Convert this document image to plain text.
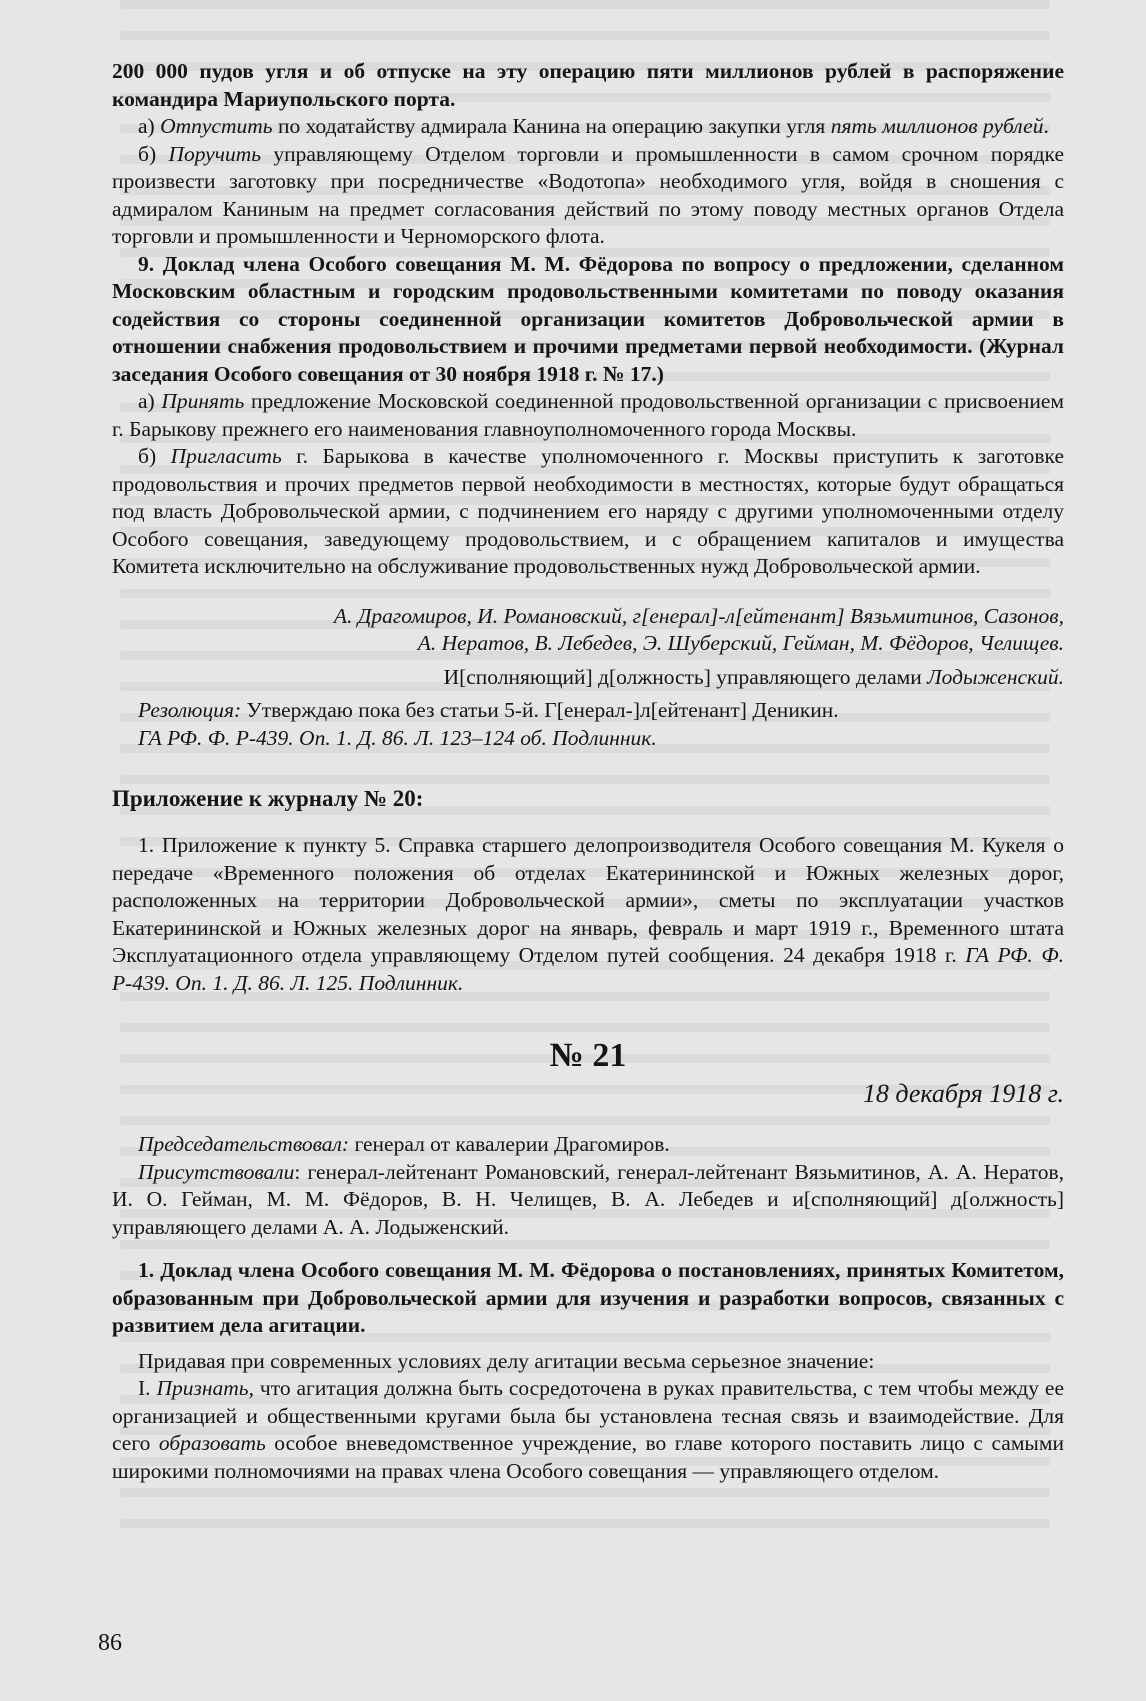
200 000 пудов угля и об отпуске на эту операцию пяти миллионов рублей в распоряжение командира Мариупольского порта.

а) Отпустить по ходатайству адмирала Канина на операцию закупки угля пять миллионов рублей.

б) Поручить управляющему Отделом торговли и промышленности в самом срочном порядке произвести заготовку при посредничестве «Водотопа» необходимого угля, войдя в сношения с адмиралом Каниным на предмет согласования действий по этому поводу местных органов Отдела торговли и промышленности и Черноморского флота.

9. Доклад члена Особого совещания М. М. Фёдорова по вопросу о предложении, сделанном Московским областным и городским продовольственными комитетами по поводу оказания содействия со стороны соединенной организации комитетов Добровольческой армии в отношении снабжения продовольствием и прочими предметами первой необходимости. (Журнал заседания Особого совещания от 30 ноября 1918 г. № 17.)

а) Принять предложение Московской соединенной продовольственной организации с присвоением г. Барыкову прежнего его наименования главноуполномоченного города Москвы.

б) Пригласить г. Барыкова в качестве уполномоченного г. Москвы приступить к заготовке продовольствия и прочих предметов первой необходимости в местностях, которые будут обращаться под власть Добровольческой армии, с подчинением его наряду с другими уполномоченными отделу Особого совещания, заведующему продовольствием, и с обращением капиталов и имущества Комитета исключительно на обслуживание продовольственных нужд Добровольческой армии.

А. Драгомиров, И. Романовский, г[енерал]-л[ейтенант] Вязьмитинов, Сазонов,

А. Нератов, В. Лебедев, Э. Шуберский, Гейман, М. Фёдоров, Челищев.

И[сполняющий] д[олжность] управляющего делами Лодыженский.

Резолюция: Утверждаю пока без статьи 5-й. Г[енерал-]л[ейтенант] Деникин.

ГА РФ. Ф. Р-439. Оп. 1. Д. 86. Л. 123–124 об. Подлинник.

Приложение к журналу № 20:

1. Приложение к пункту 5. Справка старшего делопроизводителя Особого совещания М. Кукеля о передаче «Временного положения об отделах Екатерининской и Южных железных дорог, расположенных на территории Добровольческой армии», сметы по эксплуатации участков Екатерининской и Южных железных дорог на январь, февраль и март 1919 г., Временного штата Эксплуатационного отдела управляющему Отделом путей сообщения. 24 декабря 1918 г. ГА РФ. Ф. Р-439. Оп. 1. Д. 86. Л. 125. Подлинник.

№ 21
18 декабря 1918 г.

Председательствовал: генерал от кавалерии Драгомиров.

Присутствовали: генерал-лейтенант Романовский, генерал-лейтенант Вязьмитинов, А. А. Нератов, И. О. Гейман, М. М. Фёдоров, В. Н. Челищев, В. А. Лебедев и и[сполняющий] д[олжность] управляющего делами А. А. Лодыженский.

1. Доклад члена Особого совещания М. М. Фёдорова о постановлениях, принятых Комитетом, образованным при Добровольческой армии для изучения и разработки вопросов, связанных с развитием дела агитации.

Придавая при современных условиях делу агитации весьма серьезное значение:

I. Признать, что агитация должна быть сосредоточена в руках правительства, с тем чтобы между ее организацией и общественными кругами была бы установлена тесная связь и взаимодействие. Для сего образовать особое вневедомственное учреждение, во главе которого поставить лицо с самыми широкими полномочиями на правах члена Особого совещания — управляющего отделом.

86
